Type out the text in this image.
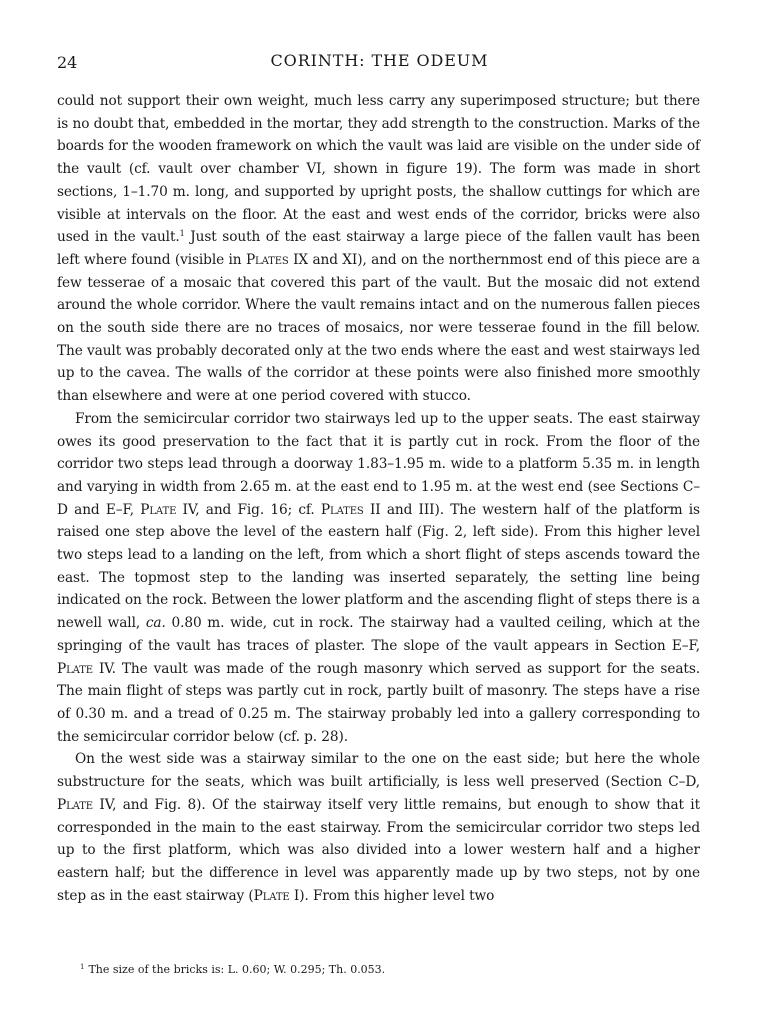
24	CORINTH: THE ODEUM

could not support their own weight, much less carry any superimposed structure; but there is no doubt that, embedded in the mortar, they add strength to the construction. Marks of the boards for the wooden framework on which the vault was laid are visible on the under side of the vault (cf. vault over chamber VI, shown in figure 19). The form was made in short sections, 1–1.70 m. long, and supported by upright posts, the shallow cuttings for which are visible at intervals on the floor. At the east and west ends of the corridor, bricks were also used in the vault.$^1$ Just south of the east stairway a large piece of the fallen vault has been left where found (visible in Plates IX and XI), and on the northernmost end of this piece are a few tesserae of a mosaic that covered this part of the vault. But the mosaic did not extend around the whole corridor. Where the vault remains intact and on the numerous fallen pieces on the south side there are no traces of mosaics, nor were tesserae found in the fill below. The vault was probably decorated only at the two ends where the east and west stairways led up to the cavea. The walls of the corridor at these points were also finished more smoothly than elsewhere and were at one period covered with stucco.

From the semicircular corridor two stairways led up to the upper seats. The east stairway owes its good preservation to the fact that it is partly cut in rock. From the floor of the corridor two steps lead through a doorway 1.83–1.95 m. wide to a platform 5.35 m. in length and varying in width from 2.65 m. at the east end to 1.95 m. at the west end (see Sections C–D and E–F, Plate IV, and Fig. 16; cf. Plates II and III). The western half of the platform is raised one step above the level of the eastern half (Fig. 2, left side). From this higher level two steps lead to a landing on the left, from which a short flight of steps ascends toward the east. The topmost step to the landing was inserted separately, the setting line being indicated on the rock. Between the lower platform and the ascending flight of steps there is a newell wall, ca. 0.80 m. wide, cut in rock. The stairway had a vaulted ceiling, which at the springing of the vault has traces of plaster. The slope of the vault appears in Section E–F, Plate IV. The vault was made of the rough masonry which served as support for the seats. The main flight of steps was partly cut in rock, partly built of masonry. The steps have a rise of 0.30 m. and a tread of 0.25 m. The stairway probably led into a gallery corresponding to the semicircular corridor below (cf. p. 28).

On the west side was a stairway similar to the one on the east side; but here the whole substructure for the seats, which was built artificially, is less well preserved (Section C–D, Plate IV, and Fig. 8). Of the stairway itself very little remains, but enough to show that it corresponded in the main to the east stairway. From the semicircular corridor two steps led up to the first platform, which was also divided into a lower western half and a higher eastern half; but the difference in level was apparently made up by two steps, not by one step as in the east stairway (Plate I). From this higher level two

$^1$ The size of the bricks is: L. 0.60; W. 0.295; Th. 0.053.
